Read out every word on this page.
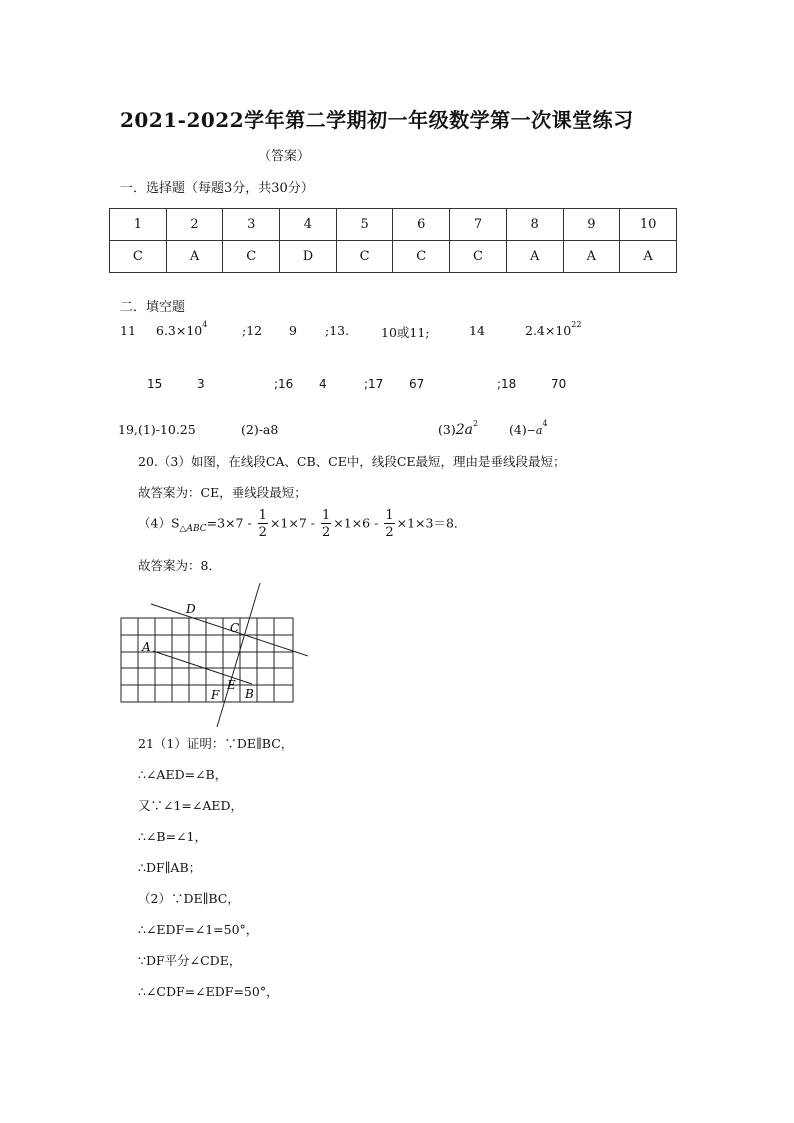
2021-2022学年第二学期初一年级数学第一次课堂练习
（答案）
一．选择题（每题3分，共30分）
1	2	3	4	5	6	7	8	9	10
C	A	C	D	C	C	C	A	A	A
二．填空题
11 $6.3\times 10^4$	;12 9 ;13.	10或11;	14	$2.4\times 10^{22}$
15	3	;16 4	;17 67	;18	70
19, (1)-10.25	(2)-a8	$(3)2a^2$ $(4)-a^4$
20.（3）如图，在线段CA、CB、CE中，线段CE最短，理由是垂线段最短；
故答案为：CE，垂线段最短；
$(4)S_{\triangle ABC}=3\times 7 - \frac{1}{2} \times 1\times 7 - \frac{1}{2} \times 1\times 6 - \frac{1}{2} \times 1\times 3=8$．
故答案为：8．
D
C
A
E
F B
21（1）证明：∵DE∥BC，
∴∠AED=∠B，
又∵∠1=∠AED，
∴∠B=∠1，
∴DF∥AB；
（2）∵DE∥BC，
∴∠EDF=∠1=50°，
∵DF平分∠CDE，
∴∠CDF=∠EDF=50°，
